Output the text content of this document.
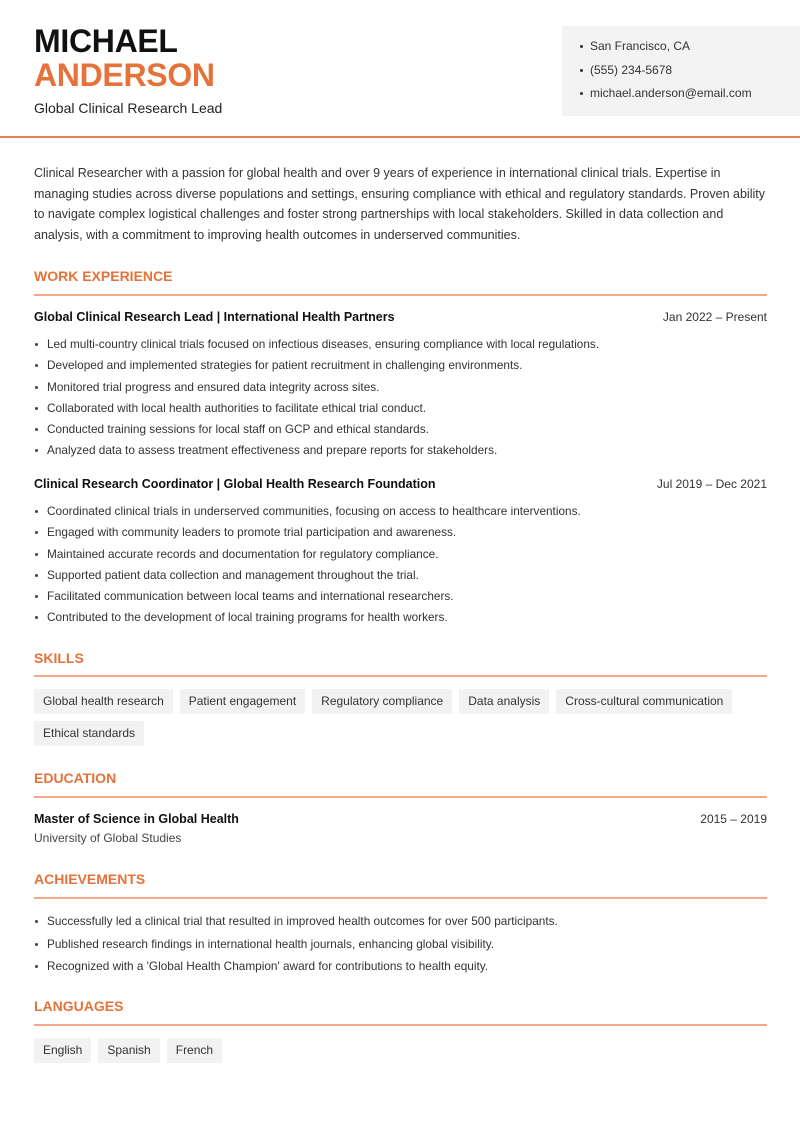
MICHAEL
ANDERSON
Global Clinical Research Lead
San Francisco, CA
(555) 234-5678
michael.anderson@email.com
Clinical Researcher with a passion for global health and over 9 years of experience in international clinical trials. Expertise in managing studies across diverse populations and settings, ensuring compliance with ethical and regulatory standards. Proven ability to navigate complex logistical challenges and foster strong partnerships with local stakeholders. Skilled in data collection and analysis, with a commitment to improving health outcomes in underserved communities.
WORK EXPERIENCE
Global Clinical Research Lead | International Health Partners	Jan 2022 – Present
Led multi-country clinical trials focused on infectious diseases, ensuring compliance with local regulations.
Developed and implemented strategies for patient recruitment in challenging environments.
Monitored trial progress and ensured data integrity across sites.
Collaborated with local health authorities to facilitate ethical trial conduct.
Conducted training sessions for local staff on GCP and ethical standards.
Analyzed data to assess treatment effectiveness and prepare reports for stakeholders.
Clinical Research Coordinator | Global Health Research Foundation	Jul 2019 – Dec 2021
Coordinated clinical trials in underserved communities, focusing on access to healthcare interventions.
Engaged with community leaders to promote trial participation and awareness.
Maintained accurate records and documentation for regulatory compliance.
Supported patient data collection and management throughout the trial.
Facilitated communication between local teams and international researchers.
Contributed to the development of local training programs for health workers.
SKILLS
Global health research	Patient engagement	Regulatory compliance	Data analysis	Cross-cultural communication
Ethical standards
EDUCATION
Master of Science in Global Health	2015 – 2019
University of Global Studies
ACHIEVEMENTS
Successfully led a clinical trial that resulted in improved health outcomes for over 500 participants.
Published research findings in international health journals, enhancing global visibility.
Recognized with a 'Global Health Champion' award for contributions to health equity.
LANGUAGES
English	Spanish	French
